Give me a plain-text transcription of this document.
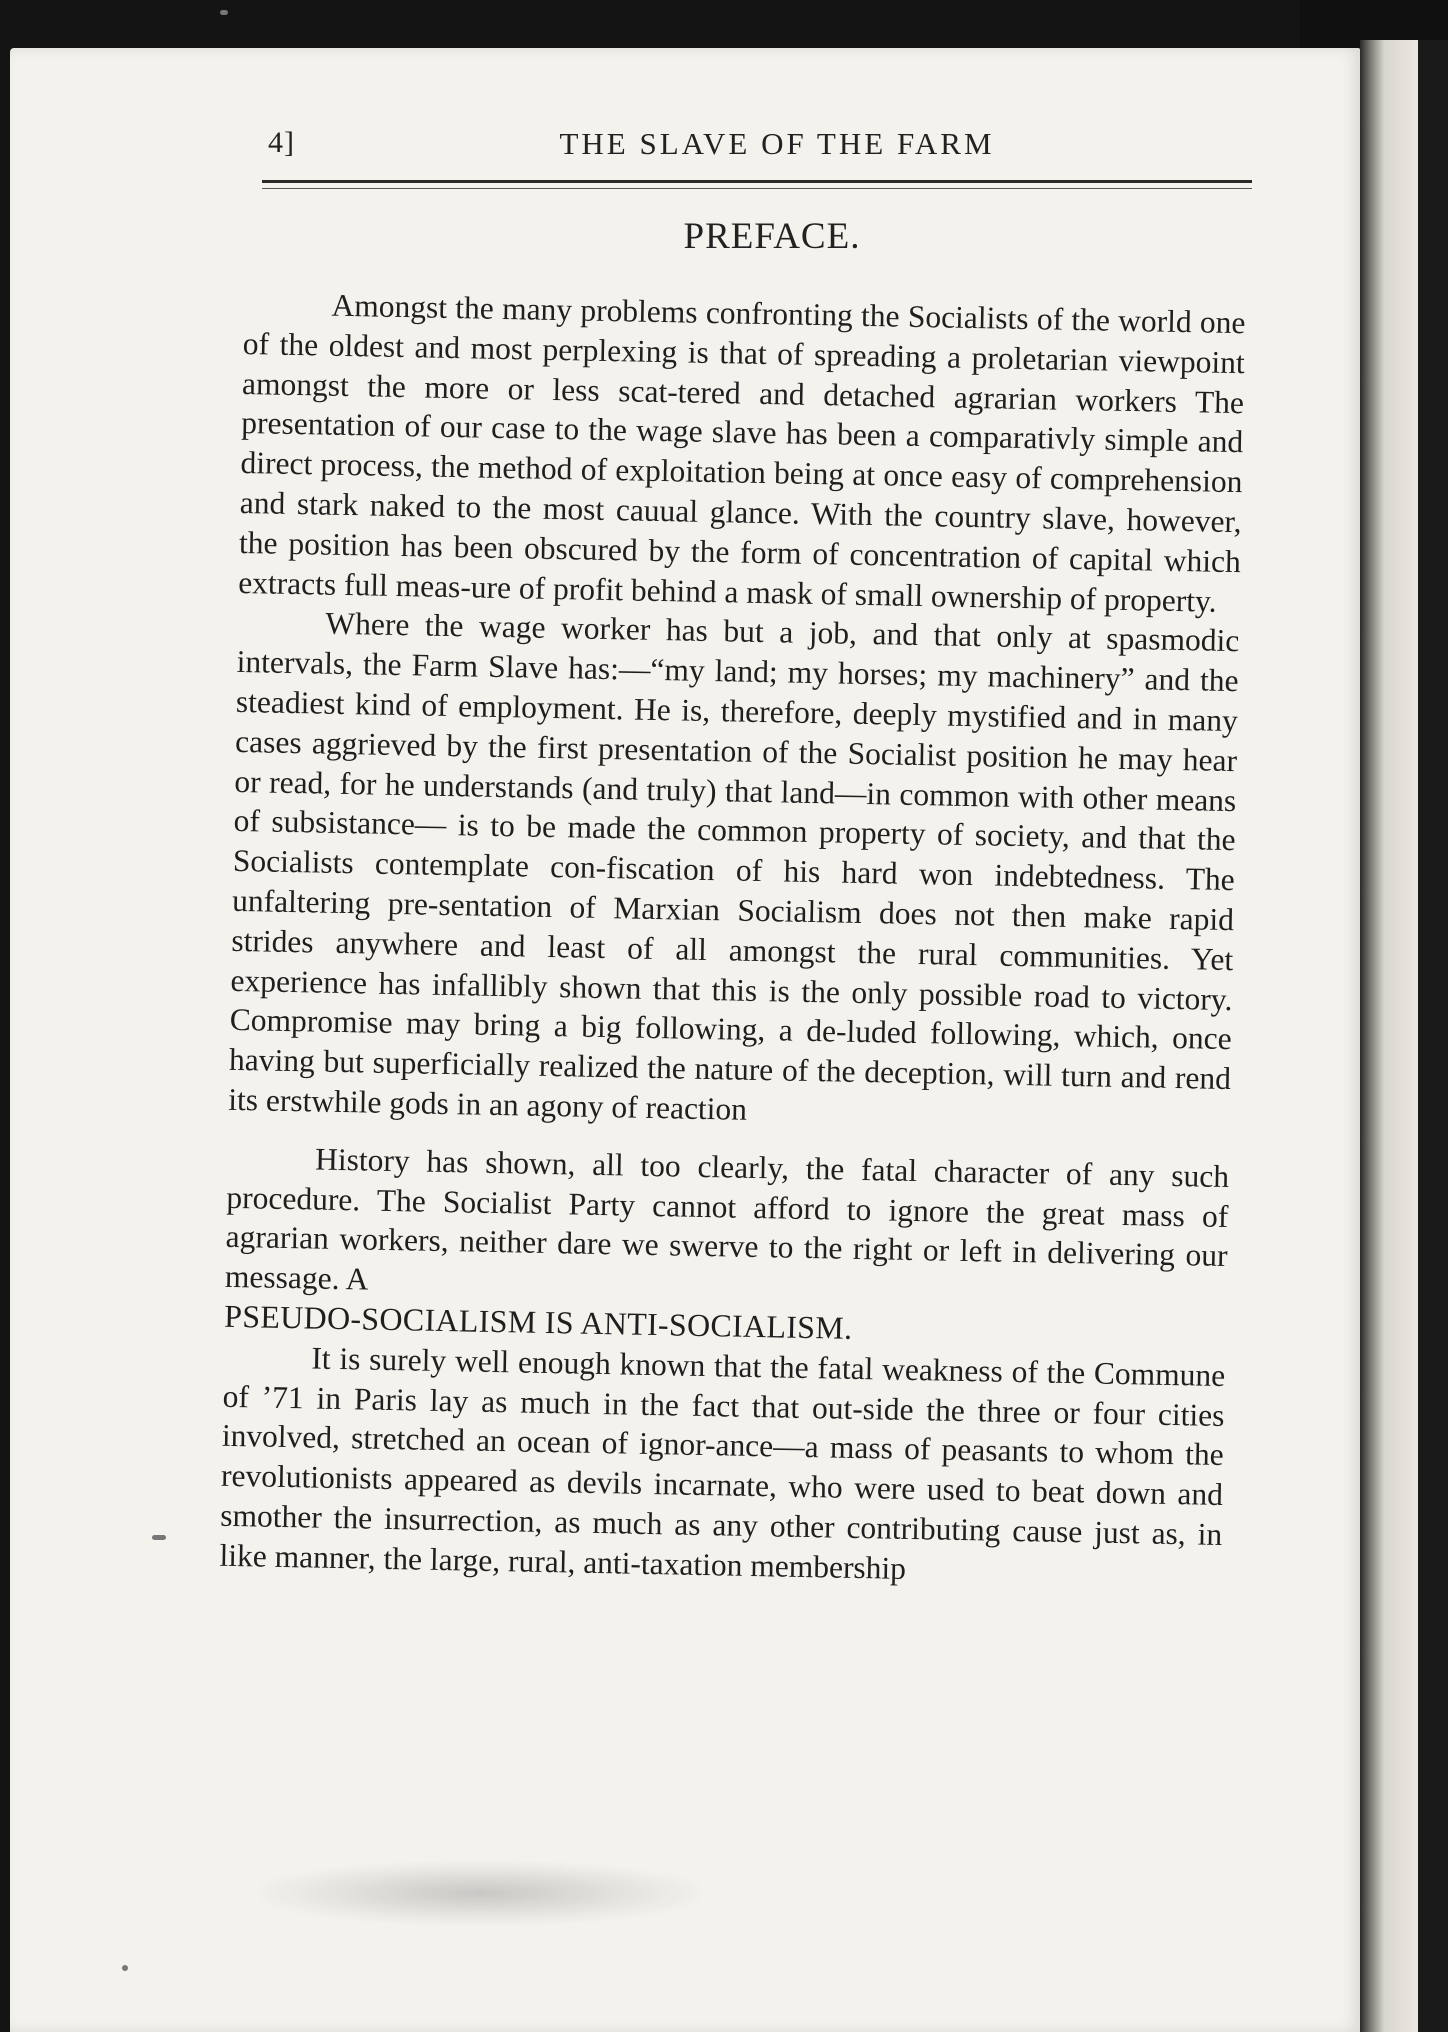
4]	THE SLAVE OF THE FARM
PREFACE.

Amongst the many problems confronting the Socialists of the world one of the oldest and most perplexing is that of spreading a proletarian viewpoint amongst the more or less scat-tered and detached agrarian workers The presentation of our case to the wage slave has been a comparativly simple and direct process, the method of exploitation being at once easy of comprehension and stark naked to the most cauual glance. With the country slave, however, the position has been obscured by the form of concentration of capital which extracts full meas-ure of profit behind a mask of small ownership of property.

Where the wage worker has but a job, and that only at spasmodic intervals, the Farm Slave has:—“my land; my horses; my machinery” and the steadiest kind of employment. He is, therefore, deeply mystified and in many cases aggrieved by the first presentation of the Socialist position he may hear or read, for he understands (and truly) that land—in common with other means of subsistance— is to be made the common property of society, and that the Socialists contemplate con-fiscation of his hard won indebtedness. The unfaltering pre-sentation of Marxian Socialism does not then make rapid strides anywhere and least of all amongst the rural communities. Yet experience has infallibly shown that this is the only possible road to victory. Compromise may bring a big following, a de-luded following, which, once having but superficially realized the nature of the deception, will turn and rend its erstwhile gods in an agony of reaction

History has shown, all too clearly, the fatal character of any such procedure. The Socialist Party cannot afford to ignore the great mass of agrarian workers, neither dare we swerve to the right or left in delivering our message. A
PSEUDO-SOCIALISM IS ANTI-SOCIALISM.

It is surely well enough known that the fatal weakness of the Commune of ’71 in Paris lay as much in the fact that out-side the three or four cities involved, stretched an ocean of ignor-ance—a mass of peasants to whom the revolutionists appeared as devils incarnate, who were used to beat down and smother the insurrection, as much as any other contributing cause just as, in like manner, the large, rural, anti-taxation membership
